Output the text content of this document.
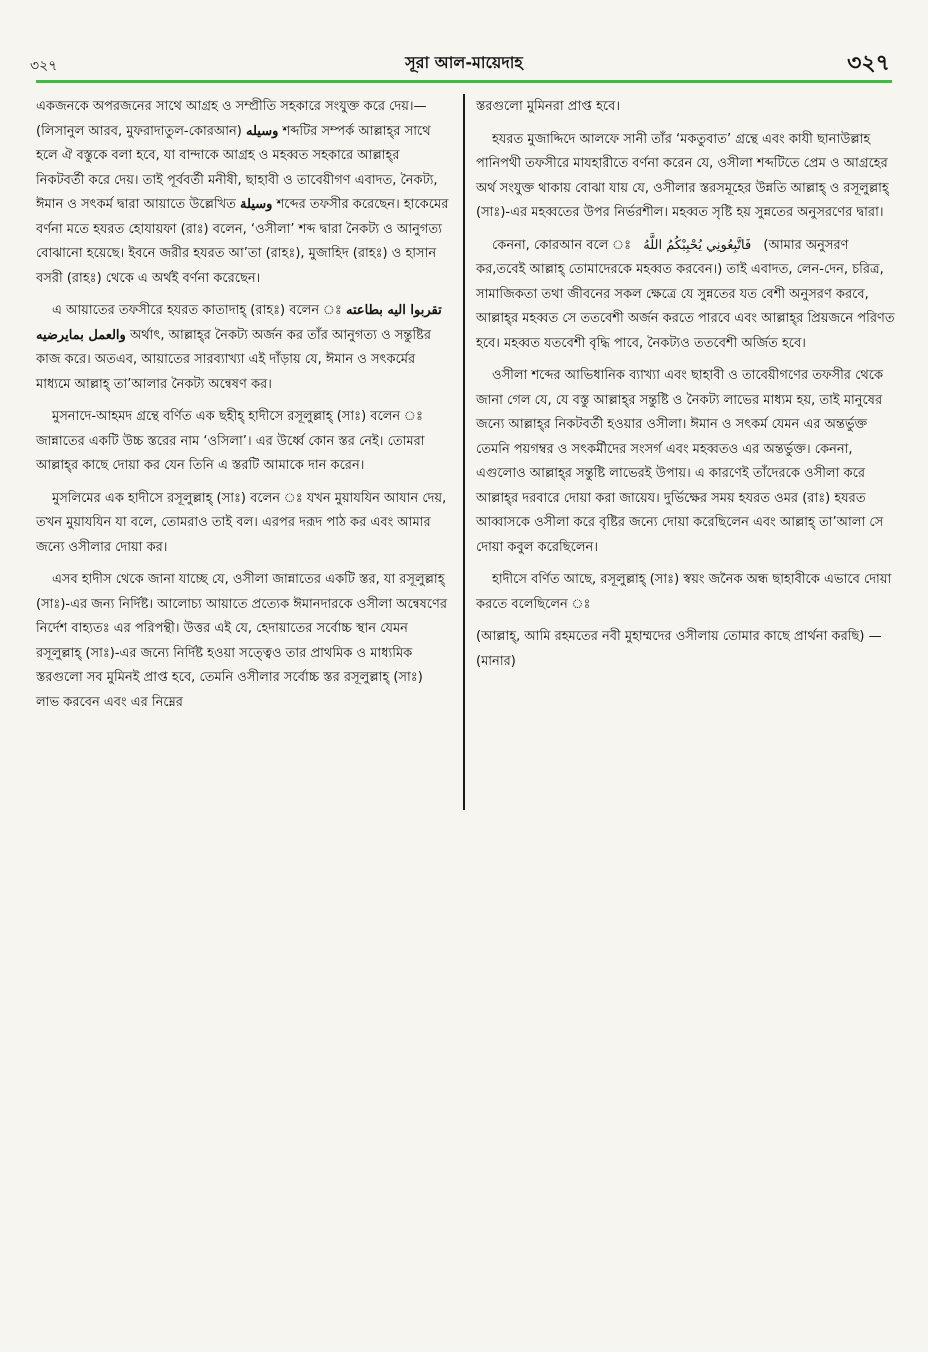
৩২৭	সূরা আল-মায়েদাহ	৩২৭

একজনকে অপরজনের সাথে আগ্রহ ও সম্প্রীতি সহকারে সংযুক্ত করে দেয়।—(লিসানুল আরব, মুফরাদাতুল-কোরআন) وسيله শব্দটির সম্পর্ক আল্লাহ্‌র সাথে হলে ঐ বস্তুকে বলা হবে, যা বান্দাকে আগ্রহ ও মহব্বত সহকারে আল্লাহ্‌র নিকটবর্তী করে দেয়। তাই পূর্ববর্তী মনীষী, ছাহাবী ও তাবেয়ীগণ এবাদত, নৈকট্য, ঈমান ও সৎকর্ম দ্বারা আয়াতে উল্লেখিত وسيلة শব্দের তফসীর করেছেন। হাকেমের বর্ণনা মতে হযরত হোযায়ফা (রাঃ) বলেন, ‘ওসীলা’ শব্দ দ্বারা নৈকট্য ও আনুগত্য বোঝানো হয়েছে। ইবনে জরীর হযরত আ’তা (রাহঃ), মুজাহিদ (রাহঃ) ও হাসান বসরী (রাহঃ) থেকে এ অর্থই বর্ণনা করেছেন।

এ আয়াতের তফসীরে হযরত কাতাদাহ্ (রাহঃ) বলেন ঃ تقربوا اليه بطاعته والعمل بمايرضيه অর্থাৎ, আল্লাহ্‌র নৈকট্য অর্জন কর তাঁর আনুগত্য ও সন্তুষ্টির কাজ করে। অতএব, আয়াতের সারব্যাখ্যা এই দাঁড়ায় যে, ঈমান ও সৎকর্মের মাধ্যমে আল্লাহ্ তা’আলার নৈকট্য অন্বেষণ কর।

মুসনাদে-আহমদ গ্রন্থে বর্ণিত এক ছহীহ্ হাদীসে রসূলুল্লাহ্ (সাঃ) বলেন ঃ জান্নাতের একটি উচ্চ স্তরের নাম ‘ওসিলা’। এর উর্ধ্বে কোন স্তর নেই। তোমরা আল্লাহ্‌র কাছে দোয়া কর যেন তিনি এ স্তরটি আমাকে দান করেন।

মুসলিমের এক হাদীসে রসূলুল্লাহ্ (সাঃ) বলেন ঃ যখন মুয়াযযিন আযান দেয়, তখন মুয়াযযিন যা বলে, তোমরাও তাই বল। এরপর দরূদ পাঠ কর এবং আমার জন্যে ওসীলার দোয়া কর।

এসব হাদীস থেকে জানা যাচ্ছে যে, ওসীলা জান্নাতের একটি স্তর, যা রসূলুল্লাহ্ (সাঃ)-এর জন্য নির্দিষ্ট। আলোচ্য আয়াতে প্রত্যেক ঈমানদারকে ওসীলা অন্বেষণের নির্দেশ বাহ্যতঃ এর পরিপন্থী। উত্তর এই যে, হেদায়াতের সর্বোচ্চ স্থান যেমন রসূলুল্লাহ্ (সাঃ)-এর জন্যে নির্দিষ্ট হওয়া সত্ত্বেও তার প্রাথমিক ও মাধ্যমিক স্তরগুলো সব মুমিনই প্রাপ্ত হবে, তেমনি ওসীলার সর্বোচ্চ স্তর রসূলুল্লাহ্ (সাঃ) লাভ করবেন এবং এর নিম্নের

স্তরগুলো মুমিনরা প্রাপ্ত হবে।

হযরত মুজাদ্দিদে আলফে সানী তাঁর ‘মকতুবাত’ গ্রন্থে এবং কাযী ছানাউল্লাহ পানিপথী তফসীরে মাযহারীতে বর্ণনা করেন যে, ওসীলা শব্দটিতে প্রেম ও আগ্রহের অর্থ সংযুক্ত থাকায় বোঝা যায় যে, ওসীলার স্তরসমূহের উন্নতি আল্লাহ্ ও রসূলুল্লাহ্ (সাঃ)-এর মহব্বতের উপর নির্ভরশীল। মহব্বত সৃষ্টি হয় সুন্নতের অনুসরণের দ্বারা।

কেননা, কোরআন বলে ঃ فَاتَّبِعُونِي يُحْبِبْكُمُ اللَّهُ (আমার অনুসরণ কর,তবেই আল্লাহ্ তোমাদেরকে মহব্বত করবেন।) তাই এবাদত, লেন-দেন, চরিত্র, সামাজিকতা তথা জীবনের সকল ক্ষেত্রে যে সুন্নতের যত বেশী অনুসরণ করবে, আল্লাহ্‌র মহব্বত সে ততবেশী অর্জন করতে পারবে এবং আল্লাহ্‌র প্রিয়জনে পরিণত হবে। মহব্বত যতবেশী বৃদ্ধি পাবে, নৈকট্যও ততবেশী অর্জিত হবে।

ওসীলা শব্দের আভিধানিক ব্যাখ্যা এবং ছাহাবী ও তাবেয়ীগণের তফসীর থেকে জানা গেল যে, যে বস্তু আল্লাহ্‌র সন্তুষ্টি ও নৈকট্য লাভের মাধ্যম হয়, তাই মানুষের জন্যে আল্লাহ্‌র নিকটবর্তী হওয়ার ওসীলা। ঈমান ও সৎকর্ম যেমন এর অন্তর্ভুক্ত তেমনি পয়গম্বর ও সৎকর্মীদের সংসর্গ এবং মহব্বতও এর অন্তর্ভুক্ত। কেননা, এগুলোও আল্লাহ্‌র সন্তুষ্টি লাভেরই উপায়। এ কারণেই তাঁদেরকে ওসীলা করে আল্লাহ্‌র দরবারে দোয়া করা জায়েয। দুর্ভিক্ষের সময় হযরত ওমর (রাঃ) হযরত আব্বাসকে ওসীলা করে বৃষ্টির জন্যে দোয়া করেছিলেন এবং আল্লাহ্ তা’আলা সে দোয়া কবুল করেছিলেন।

হাদীসে বর্ণিত আছে, রসূলুল্লাহ্ (সাঃ) স্বয়ং জনৈক অন্ধ ছাহাবীকে এভাবে দোয়া করতে বলেছিলেন ঃ

(আল্লাহ্, আমি রহমতের নবী মুহাম্মদের ওসীলায় তোমার কাছে প্রার্থনা করছি) — (মানার)
